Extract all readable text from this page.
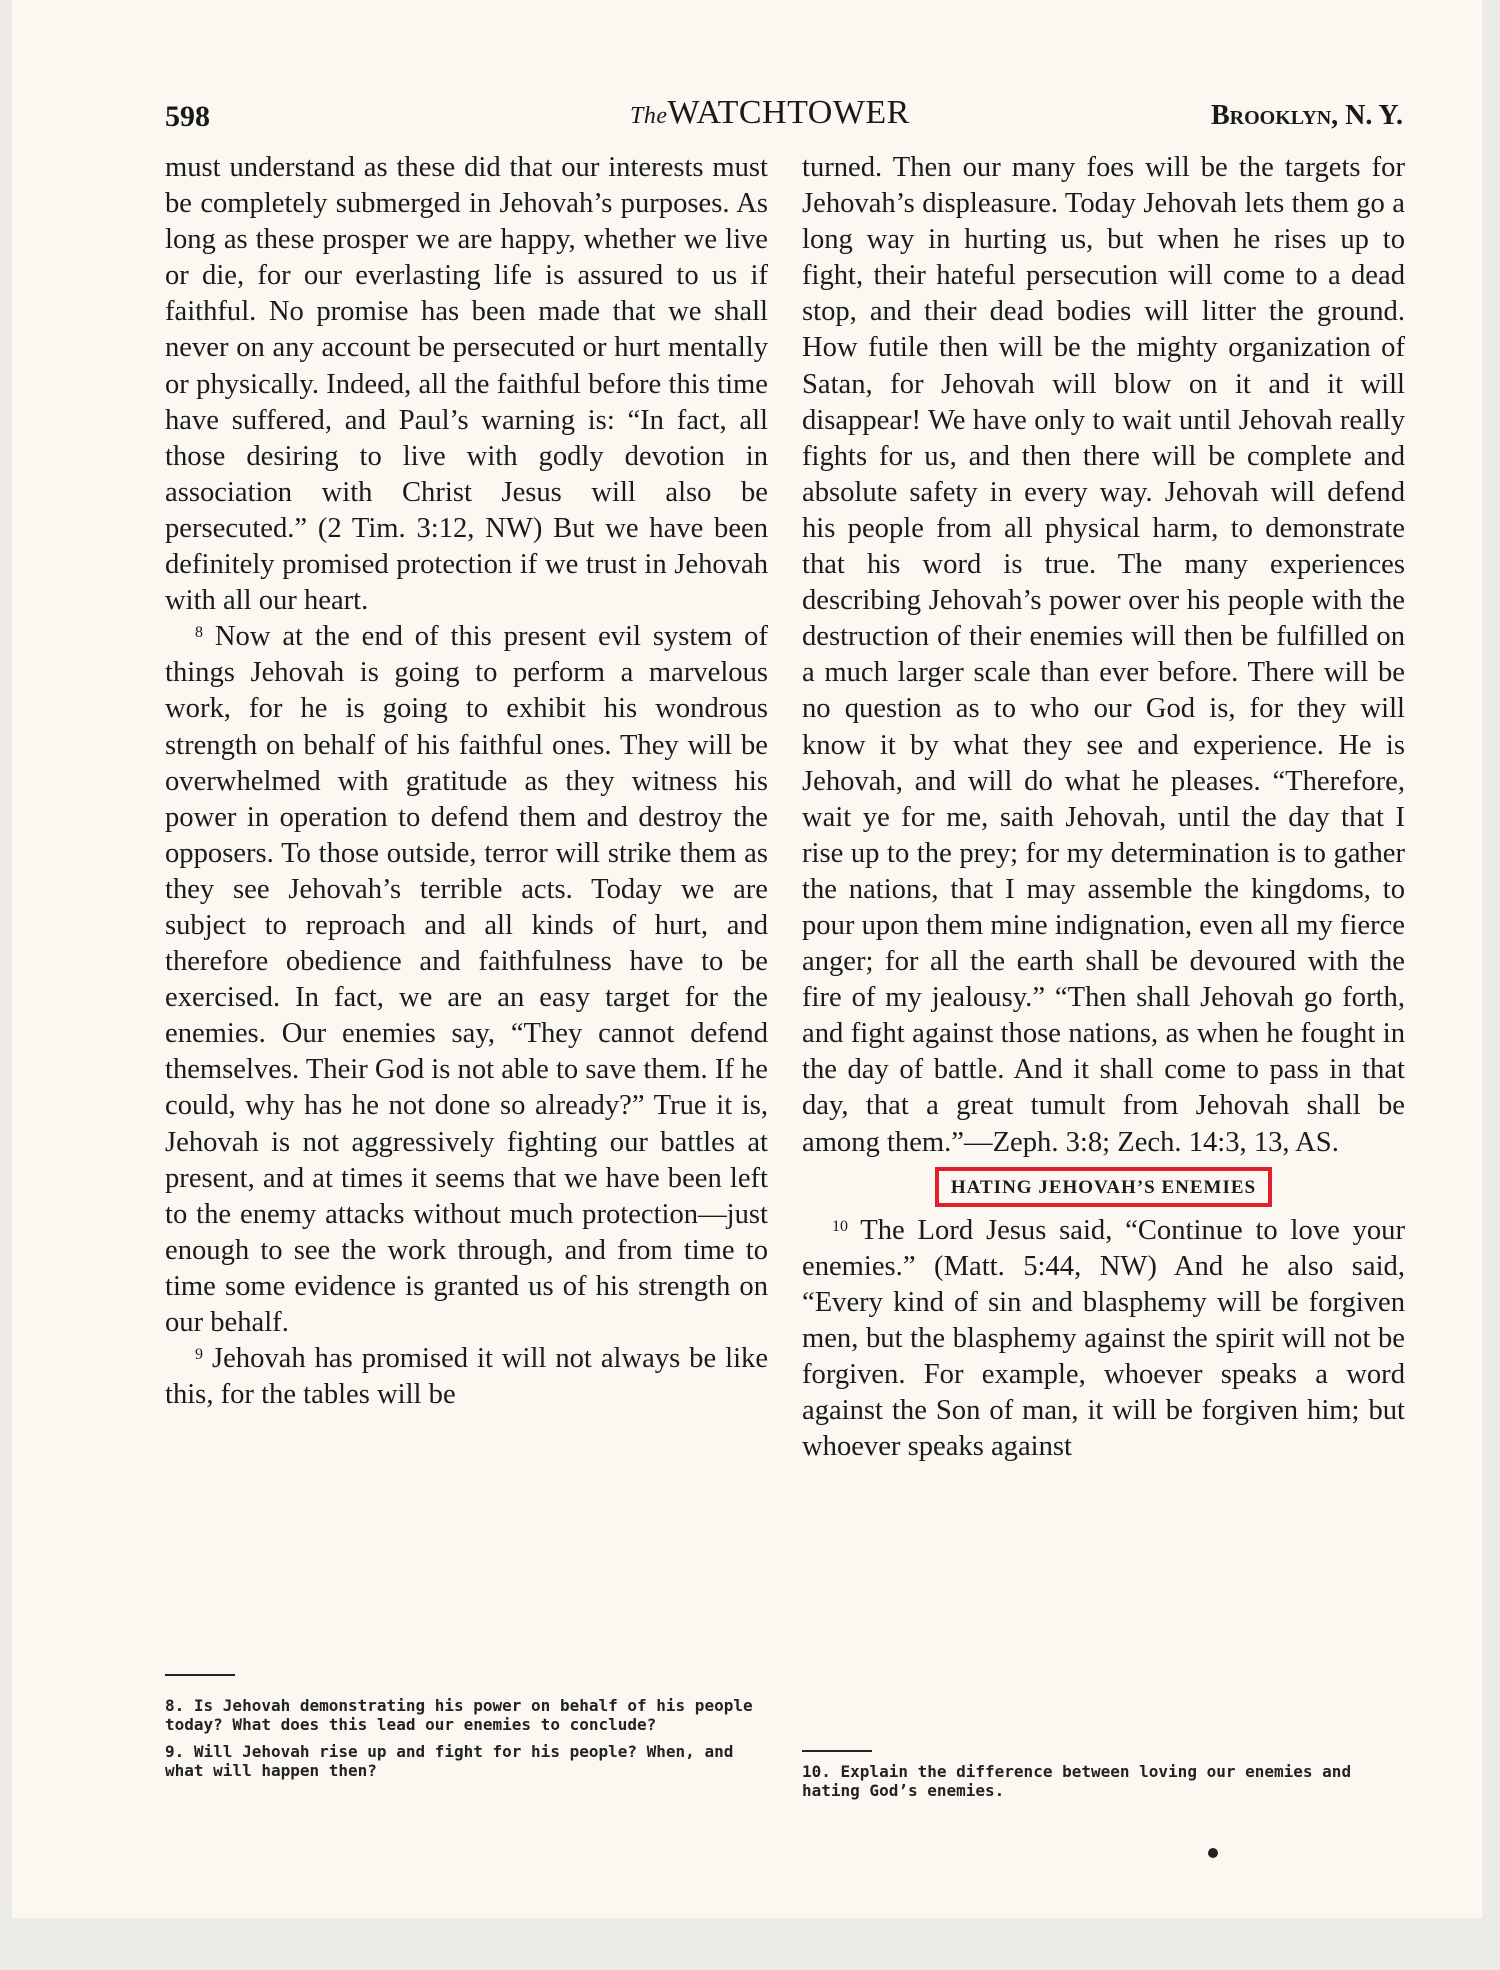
598	TheWATCHTOWER	Brooklyn, N. Y.

must understand as these did that our interests must be completely submerged in Jehovah’s purposes. As long as these prosper we are happy, whether we live or die, for our everlasting life is assured to us if faithful. No promise has been made that we shall never on any account be persecuted or hurt mentally or physically. Indeed, all the faithful before this time have suffered, and Paul’s warning is: “In fact, all those desiring to live with godly devotion in association with Christ Jesus will also be persecuted.” (2 Tim. 3:12, NW) But we have been definitely promised protection if we trust in Jehovah with all our heart.

$^8$ Now at the end of this present evil system of things Jehovah is going to perform a marvelous work, for he is going to exhibit his wondrous strength on behalf of his faithful ones. They will be overwhelmed with gratitude as they witness his power in operation to defend them and destroy the opposers. To those outside, terror will strike them as they see Jehovah’s terrible acts. Today we are subject to reproach and all kinds of hurt, and therefore obedience and faithfulness have to be exercised. In fact, we are an easy target for the enemies. Our enemies say, “They cannot defend themselves. Their God is not able to save them. If he could, why has he not done so already?” True it is, Jehovah is not aggressively fighting our battles at present, and at times it seems that we have been left to the enemy attacks without much protection—just enough to see the work through, and from time to time some evidence is granted us of his strength on our behalf.

$^9$ Jehovah has promised it will not always be like this, for the tables will be

turned. Then our many foes will be the targets for Jehovah’s displeasure. Today Jehovah lets them go a long way in hurting us, but when he rises up to fight, their hateful persecution will come to a dead stop, and their dead bodies will litter the ground. How futile then will be the mighty organization of Satan, for Jehovah will blow on it and it will disappear! We have only to wait until Jehovah really fights for us, and then there will be complete and absolute safety in every way. Jehovah will defend his people from all physical harm, to demonstrate that his word is true. The many experiences describing Jehovah’s power over his people with the destruction of their enemies will then be fulfilled on a much larger scale than ever before. There will be no question as to who our God is, for they will know it by what they see and experience. He is Jehovah, and will do what he pleases. “Therefore, wait ye for me, saith Jehovah, until the day that I rise up to the prey; for my determination is to gather the nations, that I may assemble the kingdoms, to pour upon them mine indignation, even all my fierce anger; for all the earth shall be devoured with the fire of my jealousy.” “Then shall Jehovah go forth, and fight against those nations, as when he fought in the day of battle. And it shall come to pass in that day, that a great tumult from Jehovah shall be among them.”—Zeph. 3:8; Zech. 14:3, 13, AS.

HATING JEHOVAH’S ENEMIES

$^{10}$ The Lord Jesus said, “Continue to love your enemies.” (Matt. 5:44, NW) And he also said, “Every kind of sin and blasphemy will be forgiven men, but the blasphemy against the spirit will not be forgiven. For example, whoever speaks a word against the Son of man, it will be forgiven him; but whoever speaks against

8. Is Jehovah demonstrating his power on behalf of his people today? What does this lead our enemies to conclude?

9. Will Jehovah rise up and fight for his people? When, and what will happen then?	10. Explain the difference between loving our enemies and hating God’s enemies.
